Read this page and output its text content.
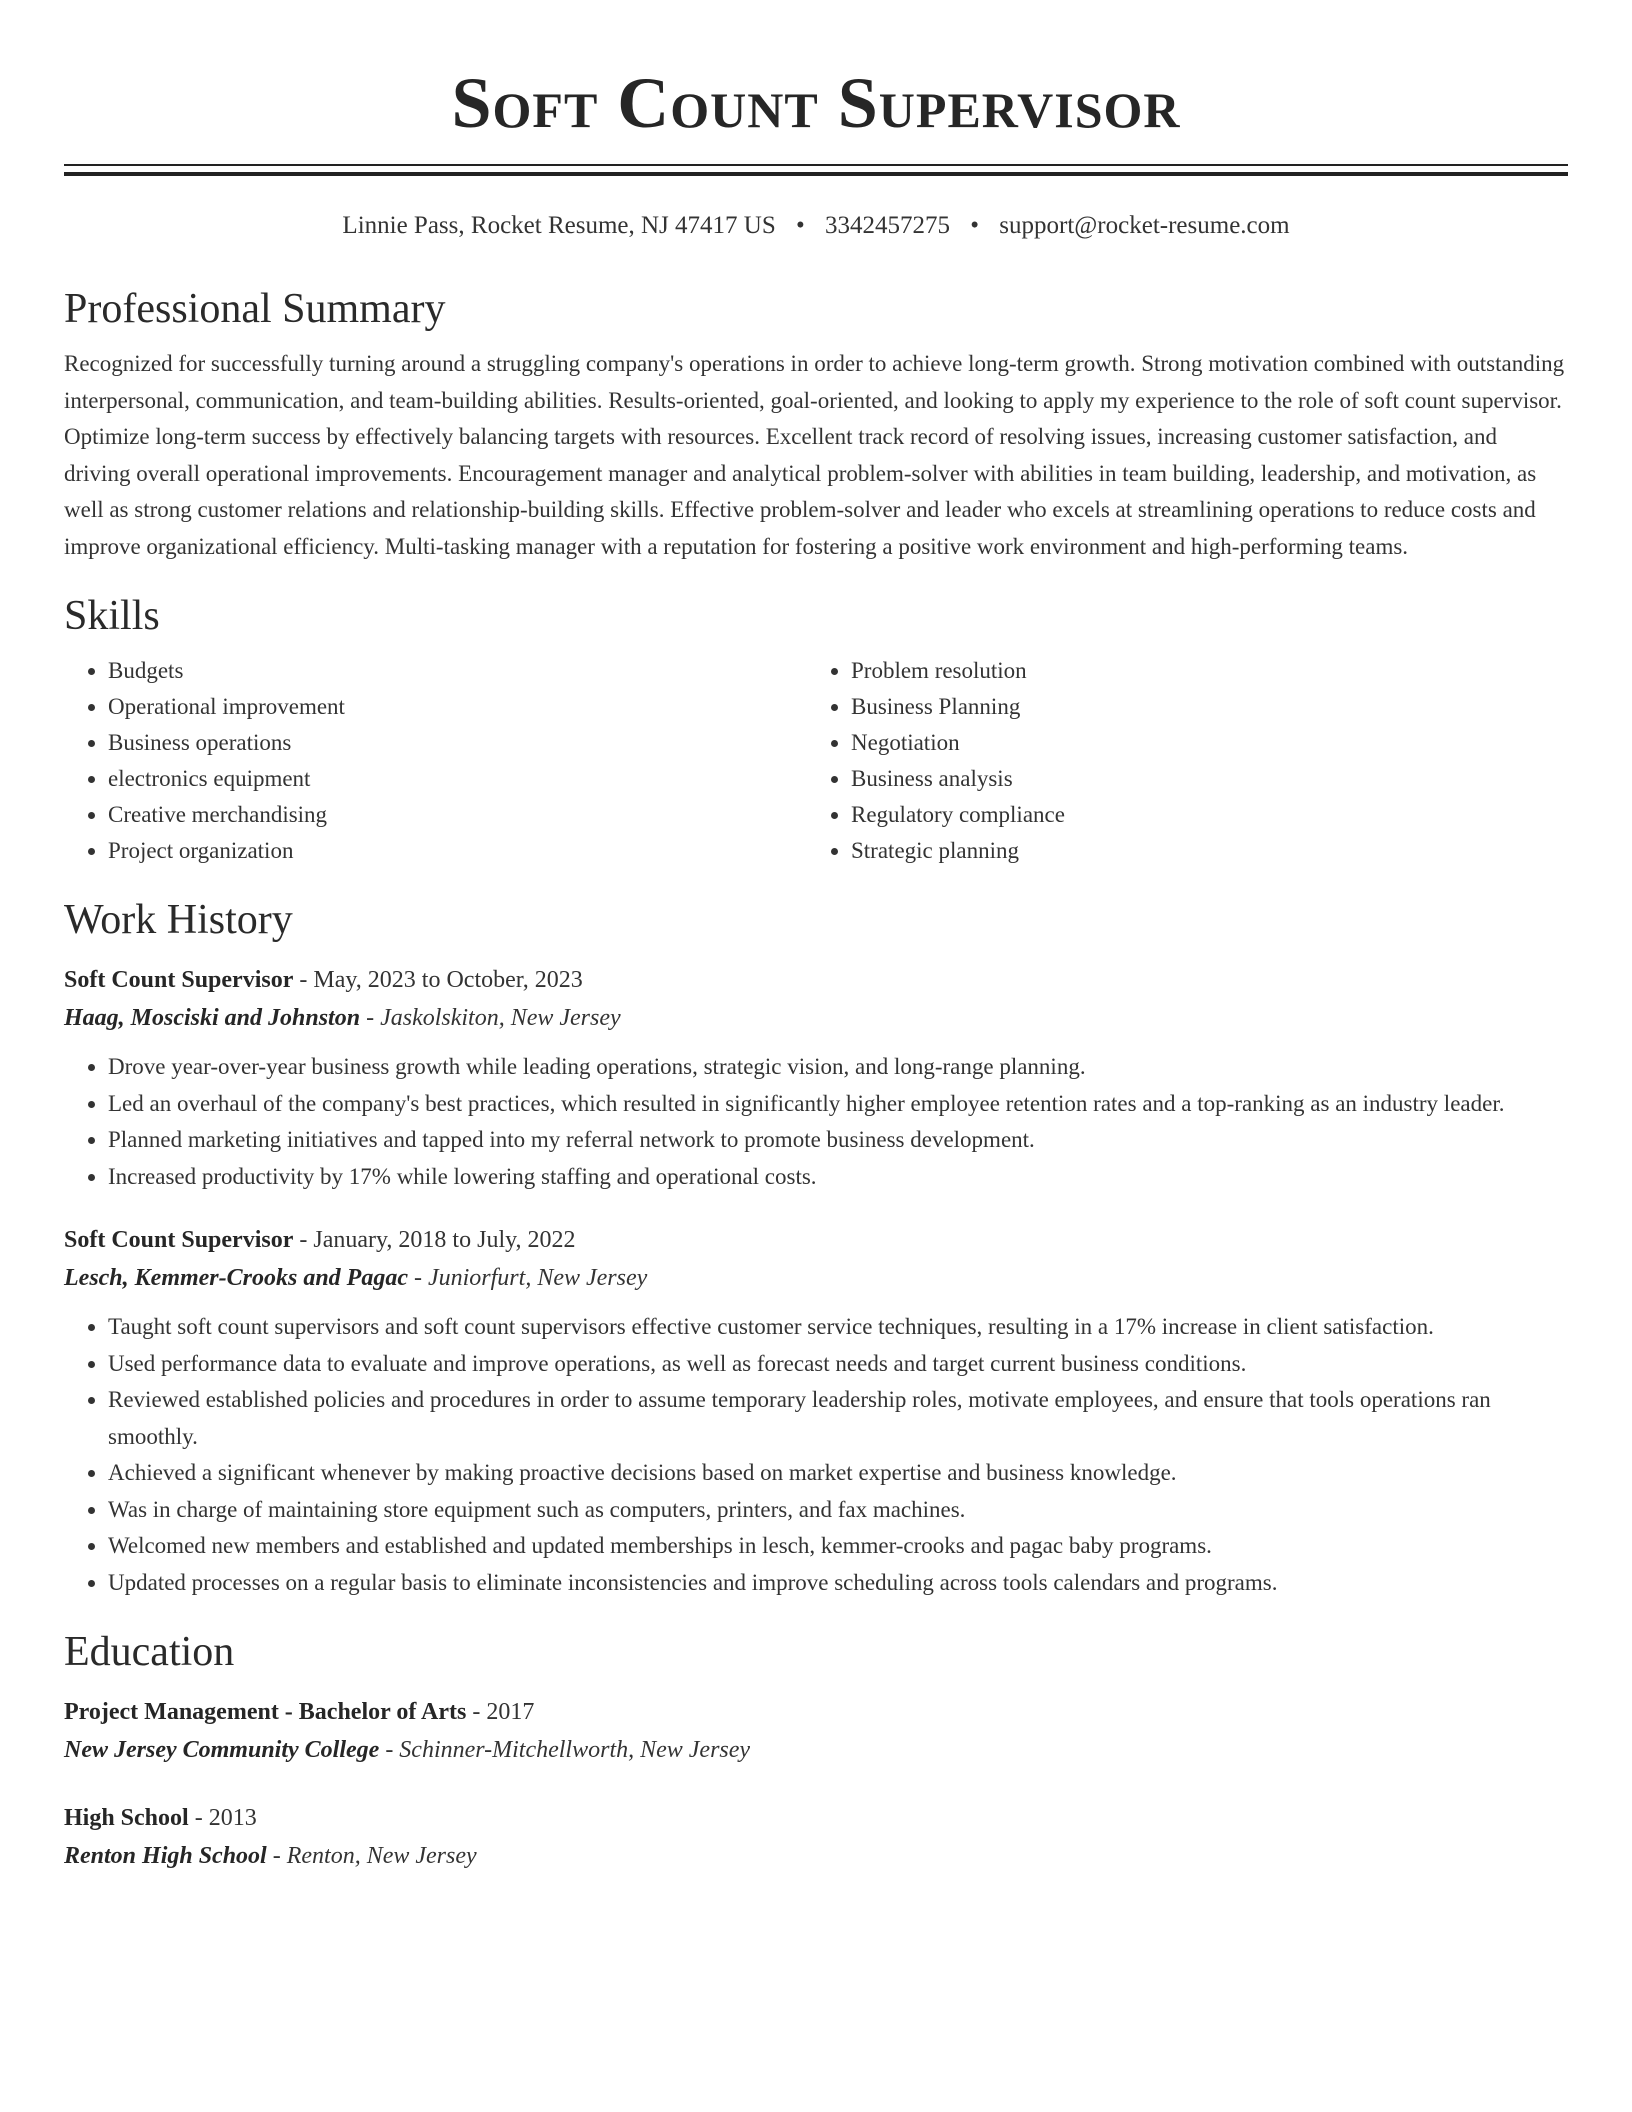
Soft Count Supervisor
Linnie Pass, Rocket Resume, NJ 47417 US • 3342457275 • support@rocket-resume.com
Professional Summary

Recognized for successfully turning around a struggling company's operations in order to achieve long-term growth. Strong motivation combined with outstanding interpersonal, communication, and team-building abilities. Results-oriented, goal-oriented, and looking to apply my experience to the role of soft count supervisor. Optimize long-term success by effectively balancing targets with resources. Excellent track record of resolving issues, increasing customer satisfaction, and driving overall operational improvements. Encouragement manager and analytical problem-solver with abilities in team building, leadership, and motivation, as well as strong customer relations and relationship-building skills. Effective problem-solver and leader who excels at streamlining operations to reduce costs and improve organizational efficiency. Multi-tasking manager with a reputation for fostering a positive work environment and high-performing teams.

Skills
• Budgets
• Operational improvement
• Business operations
• electronics equipment
• Creative merchandising
• Project organization
• Problem resolution
• Business Planning
• Negotiation
• Business analysis
• Regulatory compliance
• Strategic planning
Work History
Soft Count Supervisor - May, 2023 to October, 2023
Haag, Mosciski and Johnston - Jaskolskiton, New Jersey
• Drove year-over-year business growth while leading operations, strategic vision, and long-range planning.
• Led an overhaul of the company's best practices, which resulted in significantly higher employee retention rates and a top-ranking as an industry leader.
• Planned marketing initiatives and tapped into my referral network to promote business development.
• Increased productivity by 17% while lowering staffing and operational costs.
Soft Count Supervisor - January, 2018 to July, 2022
Lesch, Kemmer-Crooks and Pagac - Juniorfurt, New Jersey
• Taught soft count supervisors and soft count supervisors effective customer service techniques, resulting in a 17% increase in client satisfaction.
• Used performance data to evaluate and improve operations, as well as forecast needs and target current business conditions.
• Reviewed established policies and procedures in order to assume temporary leadership roles, motivate employees, and ensure that tools operations ran smoothly.
• Achieved a significant whenever by making proactive decisions based on market expertise and business knowledge.
• Was in charge of maintaining store equipment such as computers, printers, and fax machines.
• Welcomed new members and established and updated memberships in lesch, kemmer-crooks and pagac baby programs.
• Updated processes on a regular basis to eliminate inconsistencies and improve scheduling across tools calendars and programs.
Education
Project Management - Bachelor of Arts - 2017
New Jersey Community College - Schinner-Mitchellworth, New Jersey
High School - 2013
Renton High School - Renton, New Jersey
